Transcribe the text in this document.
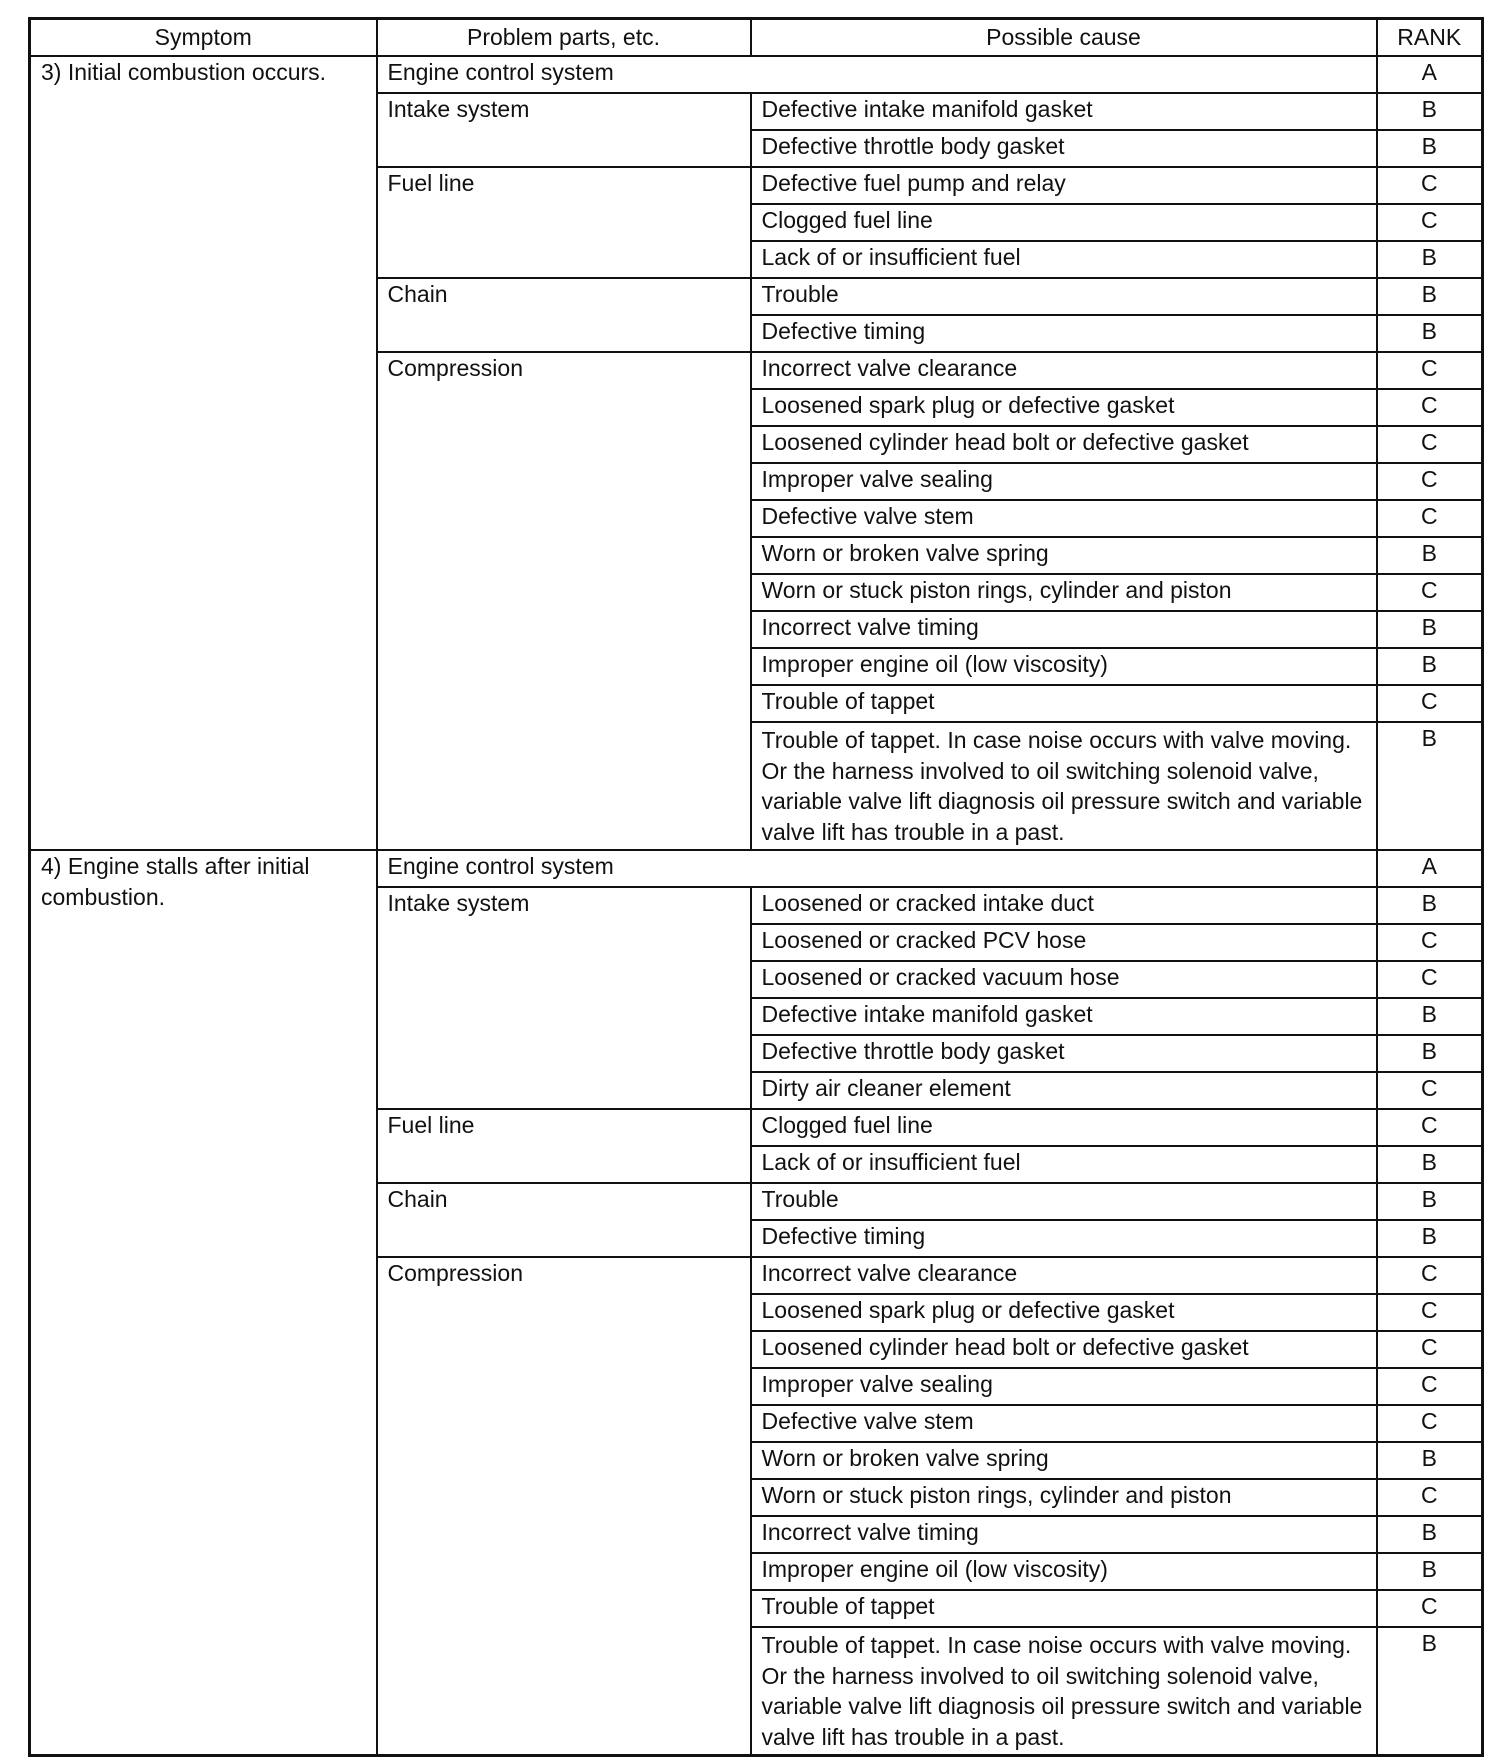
Symptom	Problem parts, etc.	Possible cause	RANK
3) Initial combustion occurs.	Engine control system		A
	Intake system	Defective intake manifold gasket	B
		Defective throttle body gasket	B
	Fuel line	Defective fuel pump and relay	C
		Clogged fuel line	C
		Lack of or insufficient fuel	B
	Chain	Trouble	B
		Defective timing	B
	Compression	Incorrect valve clearance	C
		Loosened spark plug or defective gasket	C
		Loosened cylinder head bolt or defective gasket	C
		Improper valve sealing	C
		Defective valve stem	C
		Worn or broken valve spring	B
		Worn or stuck piston rings, cylinder and piston	C
		Incorrect valve timing	B
		Improper engine oil (low viscosity)	B
		Trouble of tappet	C
		Trouble of tappet. In case noise occurs with valve moving. Or the harness involved to oil switching solenoid valve, variable valve lift diagnosis oil pressure switch and variable valve lift has trouble in a past.	B
4) Engine stalls after initial combustion.	Engine control system		A
	Intake system	Loosened or cracked intake duct	B
		Loosened or cracked PCV hose	C
		Loosened or cracked vacuum hose	C
		Defective intake manifold gasket	B
		Defective throttle body gasket	B
		Dirty air cleaner element	C
	Fuel line	Clogged fuel line	C
		Lack of or insufficient fuel	B
	Chain	Trouble	B
		Defective timing	B
	Compression	Incorrect valve clearance	C
		Loosened spark plug or defective gasket	C
		Loosened cylinder head bolt or defective gasket	C
		Improper valve sealing	C
		Defective valve stem	C
		Worn or broken valve spring	B
		Worn or stuck piston rings, cylinder and piston	C
		Incorrect valve timing	B
		Improper engine oil (low viscosity)	B
		Trouble of tappet	C
		Trouble of tappet. In case noise occurs with valve moving. Or the harness involved to oil switching solenoid valve, variable valve lift diagnosis oil pressure switch and variable valve lift has trouble in a past.	B
